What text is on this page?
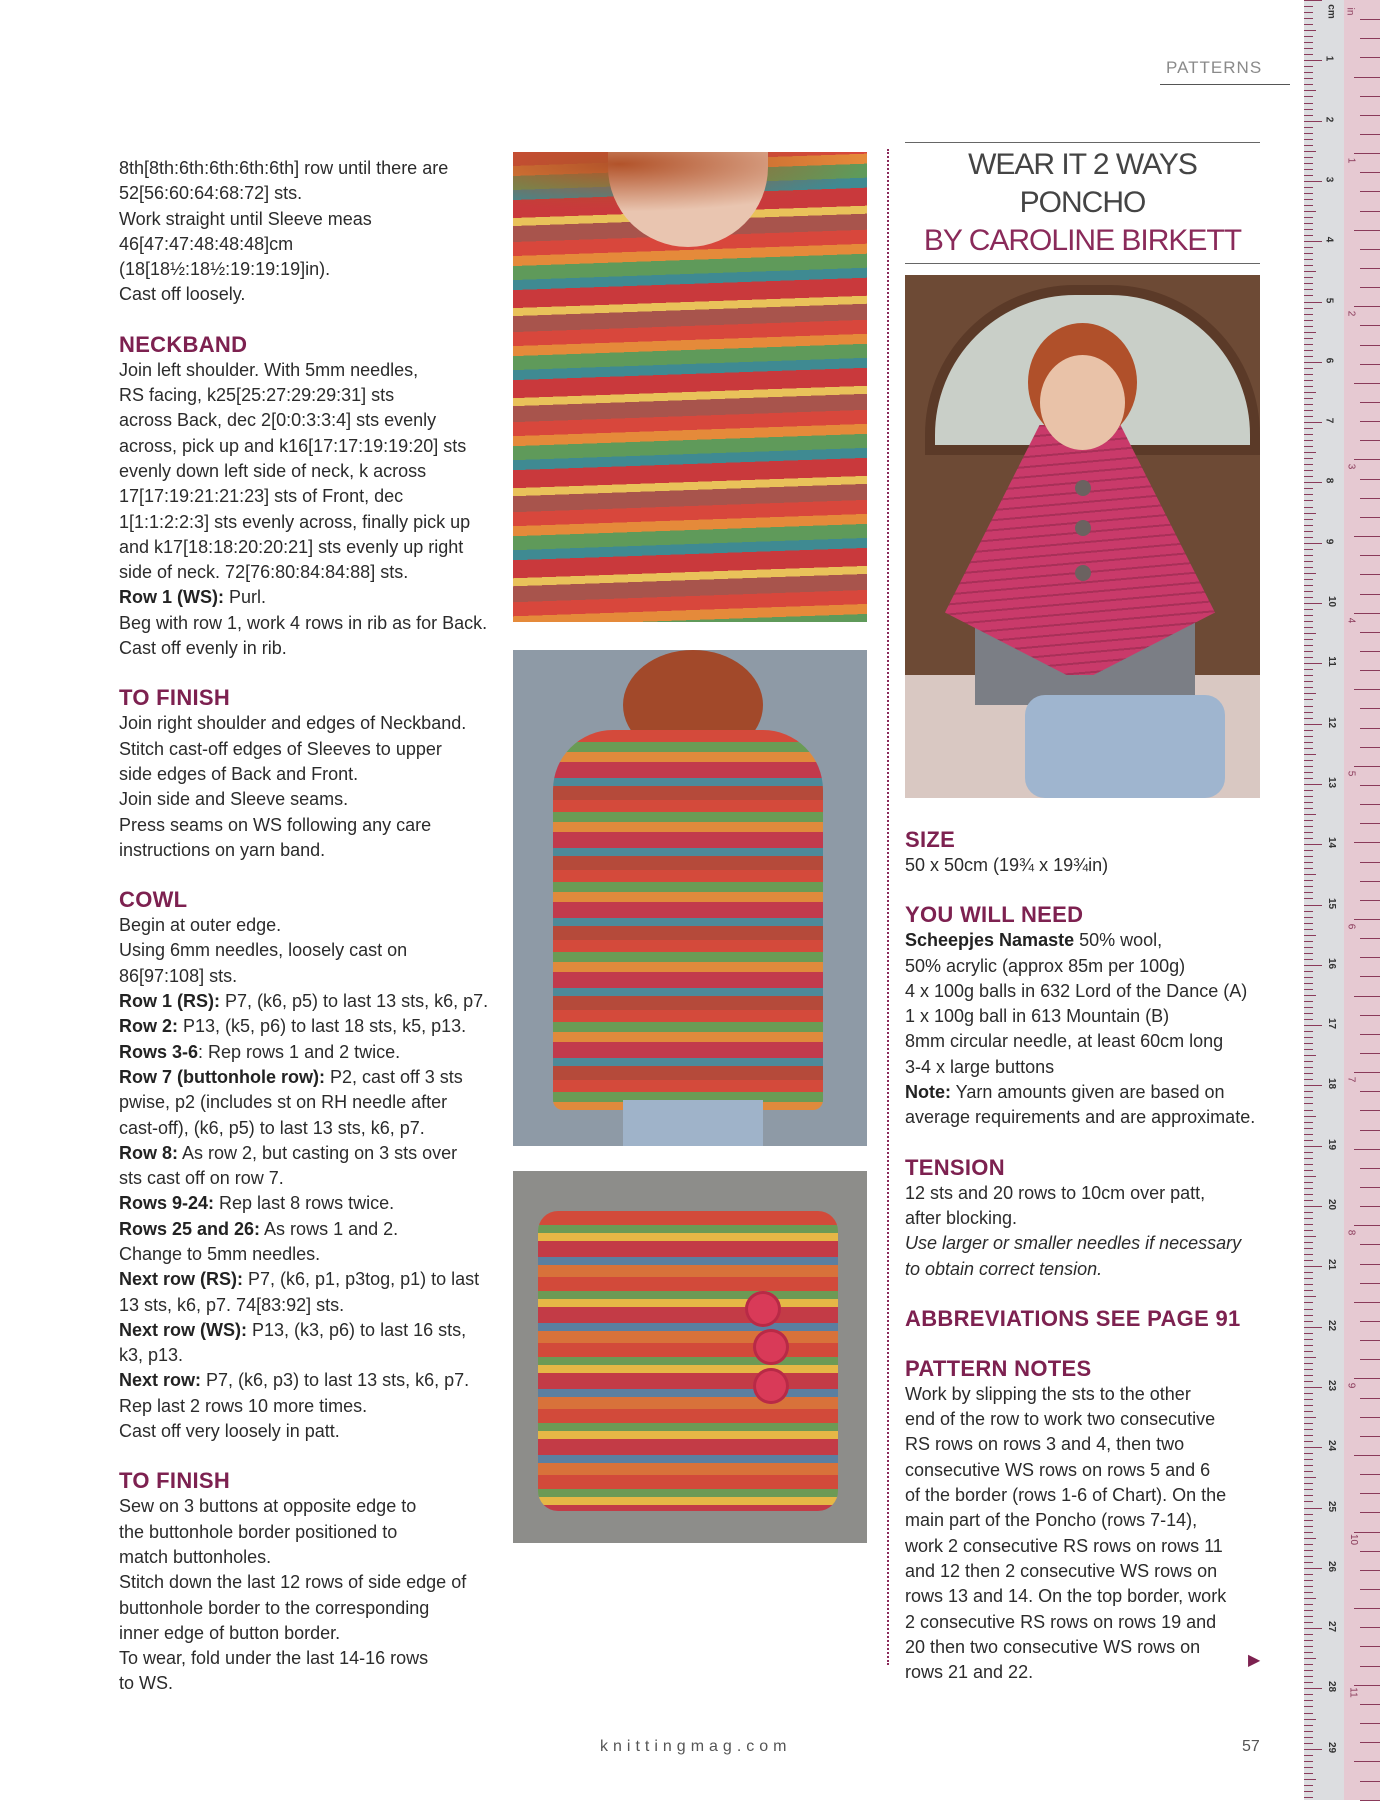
PATTERNS
8th[8th:6th:6th:6th:6th] row until there are
52[56:60:64:68:72] sts.
Work straight until Sleeve meas
46[47:47:48:48:48]cm
(18[18½:18½:19:19:19]in).
Cast off loosely.
NECKBAND
Join left shoulder. With 5mm needles,
RS facing, k25[25:27:29:29:31] sts
across Back, dec 2[0:0:3:3:4] sts evenly
across, pick up and k16[17:17:19:19:20] sts
evenly down left side of neck, k across
17[17:19:21:21:23] sts of Front, dec
1[1:1:2:2:3] sts evenly across, finally pick up
and k17[18:18:20:20:21] sts evenly up right
side of neck. 72[76:80:84:84:88] sts.
Row 1 (WS): Purl.
Beg with row 1, work 4 rows in rib as for Back.
Cast off evenly in rib.
TO FINISH
Join right shoulder and edges of Neckband.
Stitch cast-off edges of Sleeves to upper
side edges of Back and Front.
Join side and Sleeve seams.
Press seams on WS following any care
instructions on yarn band.
COWL
Begin at outer edge.
Using 6mm needles, loosely cast on
86[97:108] sts.
Row 1 (RS): P7, (k6, p5) to last 13 sts, k6, p7.
Row 2: P13, (k5, p6) to last 18 sts, k5, p13.
Rows 3-6: Rep rows 1 and 2 twice.
Row 7 (buttonhole row): P2, cast off 3 sts
pwise, p2 (includes st on RH needle after
cast-off), (k6, p5) to last 13 sts, k6, p7.
Row 8: As row 2, but casting on 3 sts over
sts cast off on row 7.
Rows 9-24: Rep last 8 rows twice.
Rows 25 and 26: As rows 1 and 2.
Change to 5mm needles.
Next row (RS): P7, (k6, p1, p3tog, p1) to last
13 sts, k6, p7. 74[83:92] sts.
Next row (WS): P13, (k3, p6) to last 16 sts,
k3, p13.
Next row: P7, (k6, p3) to last 13 sts, k6, p7.
Rep last 2 rows 10 more times.
Cast off very loosely in patt.
TO FINISH
Sew on 3 buttons at opposite edge to
the buttonhole border positioned to
match buttonholes.
Stitch down the last 12 rows of side edge of
buttonhole border to the corresponding
inner edge of button border.
To wear, fold under the last 14-16 rows
to WS.
WEAR IT 2 WAYS
PONCHO
BY CAROLINE BIRKETT
SIZE
50 x 50cm (19¾ x 19¾in)
YOU WILL NEED
Scheepjes Namaste 50% wool,
50% acrylic (approx 85m per 100g)
4 x 100g balls in 632 Lord of the Dance (A)
1 x 100g ball in 613 Mountain (B)
8mm circular needle, at least 60cm long
3-4 x large buttons
Note: Yarn amounts given are based on
average requirements and are approximate.
TENSION
12 sts and 20 rows to 10cm over patt,
after blocking.
Use larger or smaller needles if necessary
to obtain correct tension.
ABBREVIATIONS SEE PAGE 91
PATTERN NOTES
Work by slipping the sts to the other
end of the row to work two consecutive
RS rows on rows 3 and 4, then two
consecutive WS rows on rows 5 and 6
of the border (rows 1-6 of Chart). On the
main part of the Poncho (rows 7-14),
work 2 consecutive RS rows on rows 11
and 12 then 2 consecutive WS rows on
rows 13 and 14. On the top border, work
2 consecutive RS rows on rows 19 and
20 then two consecutive WS rows on
rows 21 and 22.
▶
knittingmag.com	57
cm in
1
2
3
4
5
6
7
8
9
10
11
12
13
14
15
16
17
18
19
20
21
22
23
24
25
26
27
28
29
1
2
3
4
5
6
7
8
9
10
11
